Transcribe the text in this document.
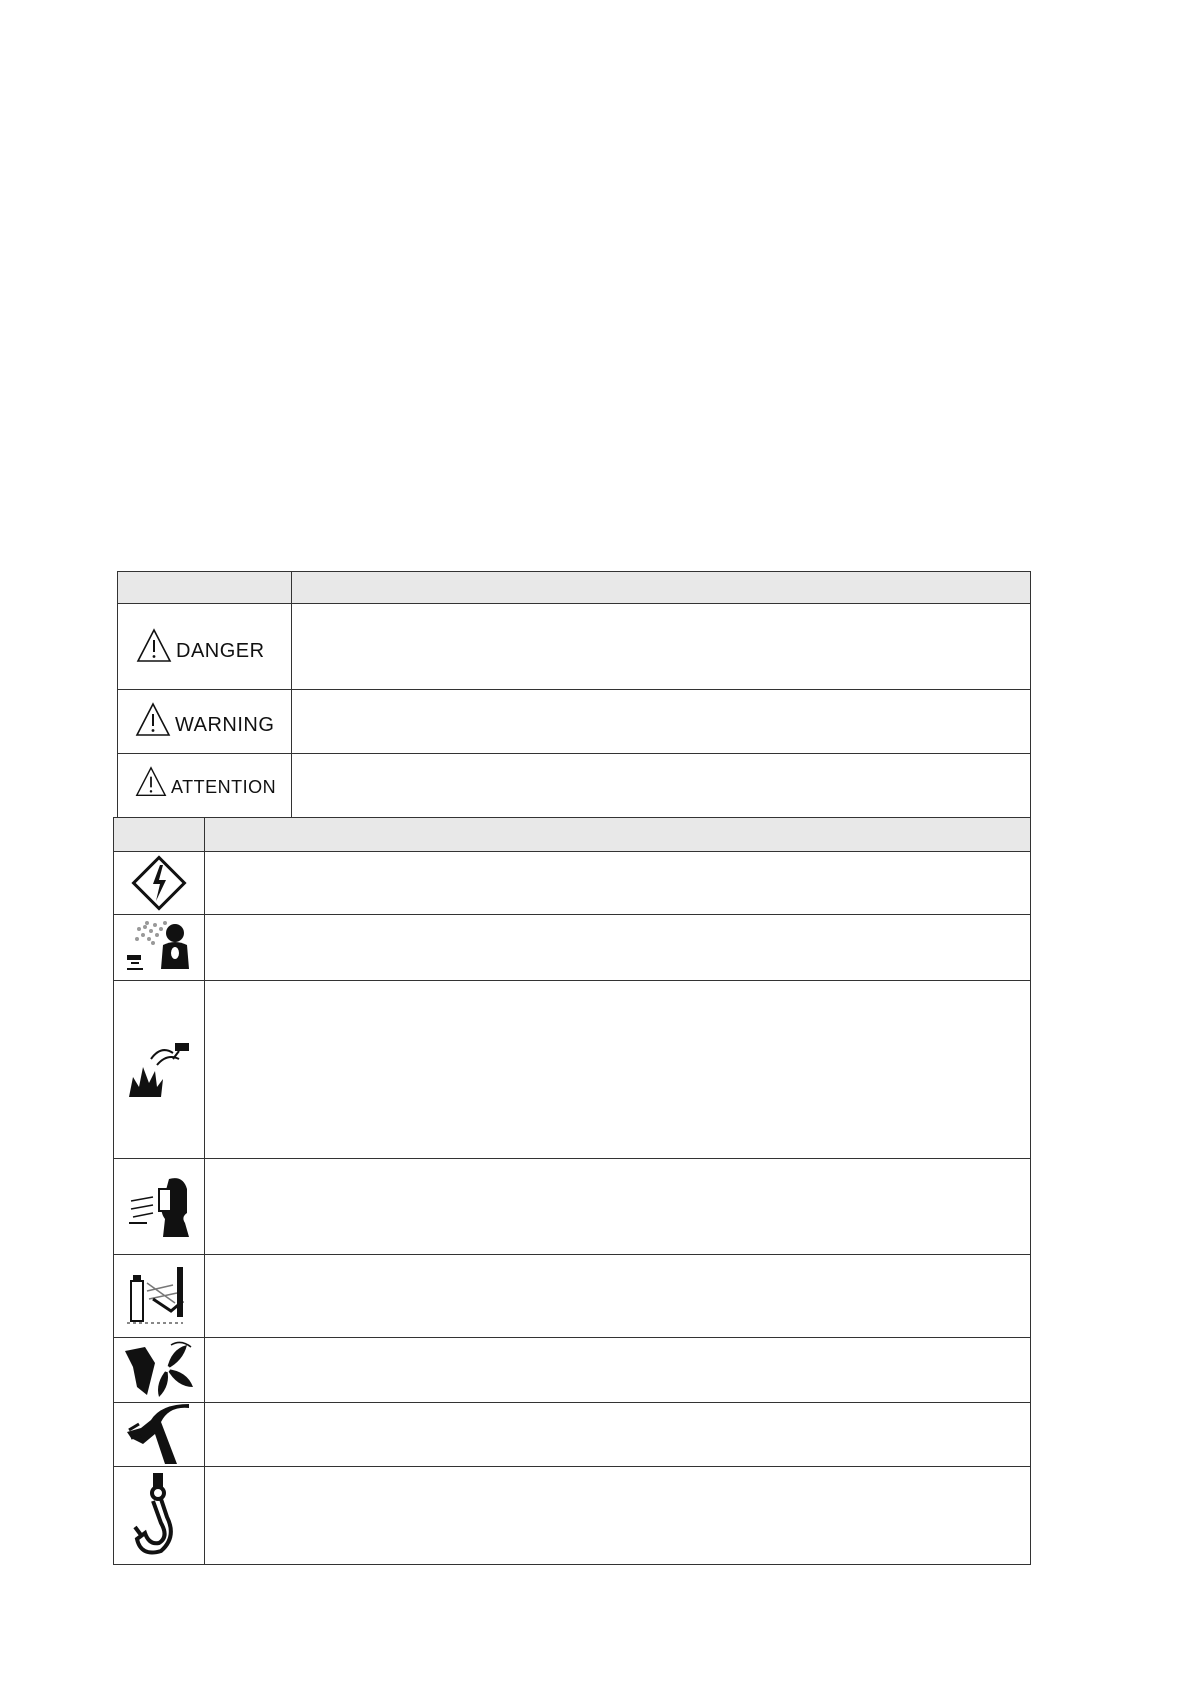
DANGER
WARNING
ATTENTION
